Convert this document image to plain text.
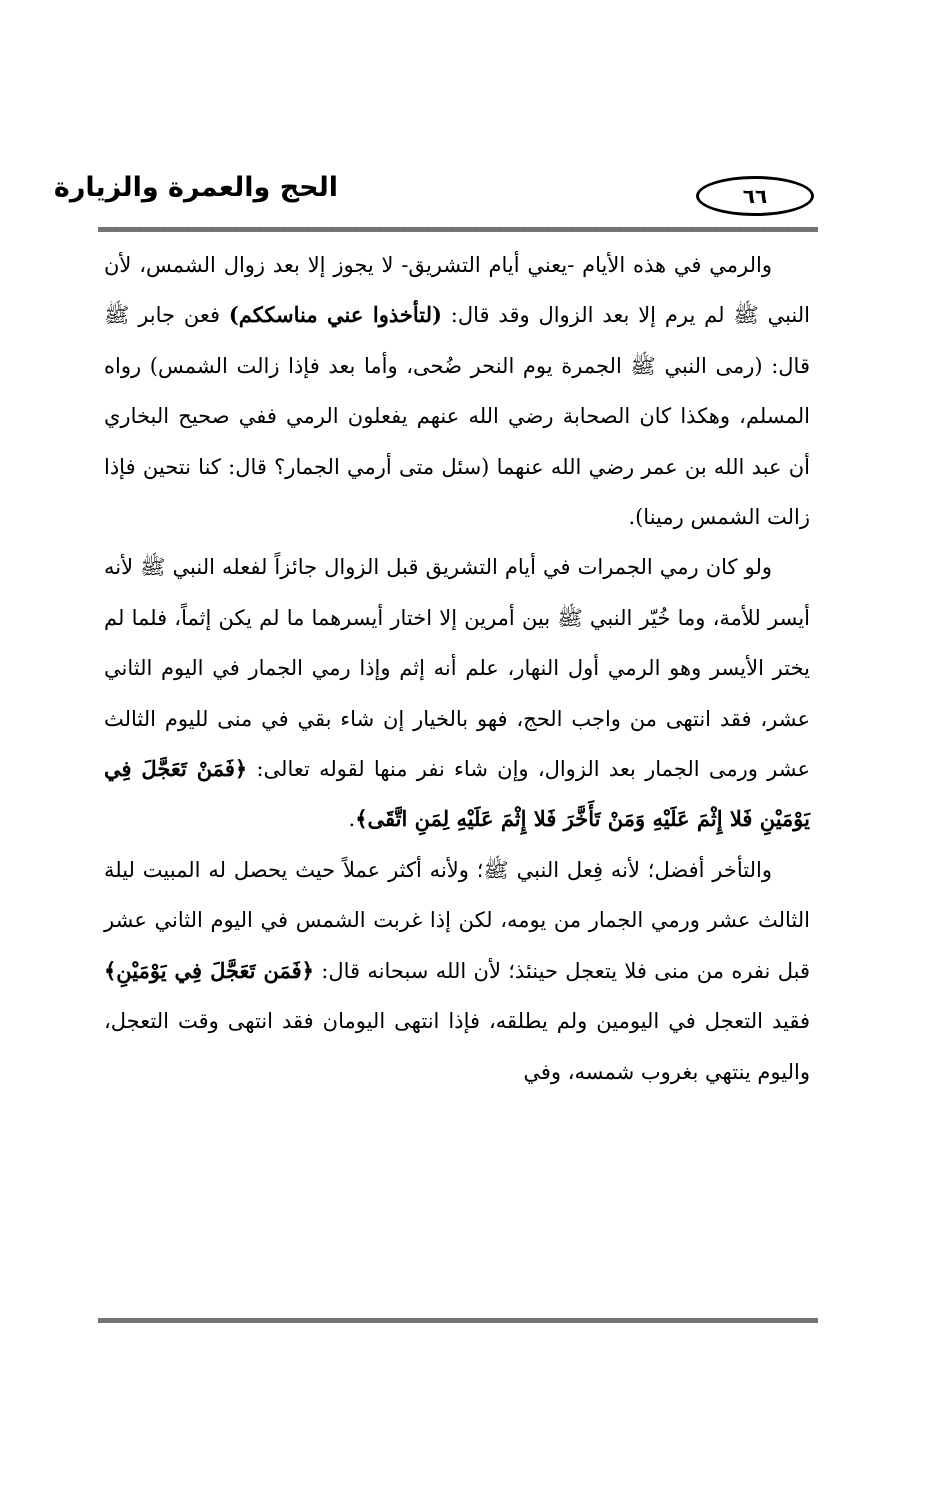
الحج والعمرة والزيارة	٦٦

والرمي في هذه الأيام -يعني أيام التشريق- لا يجوز إلا بعد زوال الشمس، لأن النبي ﷺ لم يرم إلا بعد الزوال وقد قال: (لتأخذوا عني مناسككم) فعن جابر ﷺ قال: (رمى النبي ﷺ الجمرة يوم النحر ضُحى، وأما بعد فإذا زالت الشمس) رواه المسلم، وهكذا كان الصحابة رضي الله عنهم يفعلون الرمي ففي صحيح البخاري أن عبد الله بن عمر رضي الله عنهما (سئل متى أرمي الجمار؟ قال: كنا نتحين فإذا زالت الشمس رمينا).

ولو كان رمي الجمرات في أيام التشريق قبل الزوال جائزاً لفعله النبي ﷺ لأنه أيسر للأمة، وما خُيّر النبي ﷺ بين أمرين إلا اختار أيسرهما ما لم يكن إثماً، فلما لم يختر الأيسر وهو الرمي أول النهار، علم أنه إثم وإذا رمي الجمار في اليوم الثاني عشر، فقد انتهى من واجب الحج، فهو بالخيار إن شاء بقي في منى لليوم الثالث عشر ورمى الجمار بعد الزوال، وإن شاء نفر منها لقوله تعالى: ﴿فَمَنْ تَعَجَّلَ فِي يَوْمَيْنِ فَلا إِثْمَ عَلَيْهِ وَمَنْ تَأَخَّرَ فَلا إِثْمَ عَلَيْهِ لِمَنِ اتَّقَى﴾.

والتأخر أفضل؛ لأنه فِعل النبي ﷺ؛ ولأنه أكثر عملاً حيث يحصل له المبيت ليلة الثالث عشر ورمي الجمار من يومه، لكن إذا غربت الشمس في اليوم الثاني عشر قبل نفره من منى فلا يتعجل حينئذ؛ لأن الله سبحانه قال: ﴿فَمَن تَعَجَّلَ فِي يَوْمَيْنِ﴾ فقيد التعجل في اليومين ولم يطلقه، فإذا انتهى اليومان فقد انتهى وقت التعجل، واليوم ينتهي بغروب شمسه، وفي
